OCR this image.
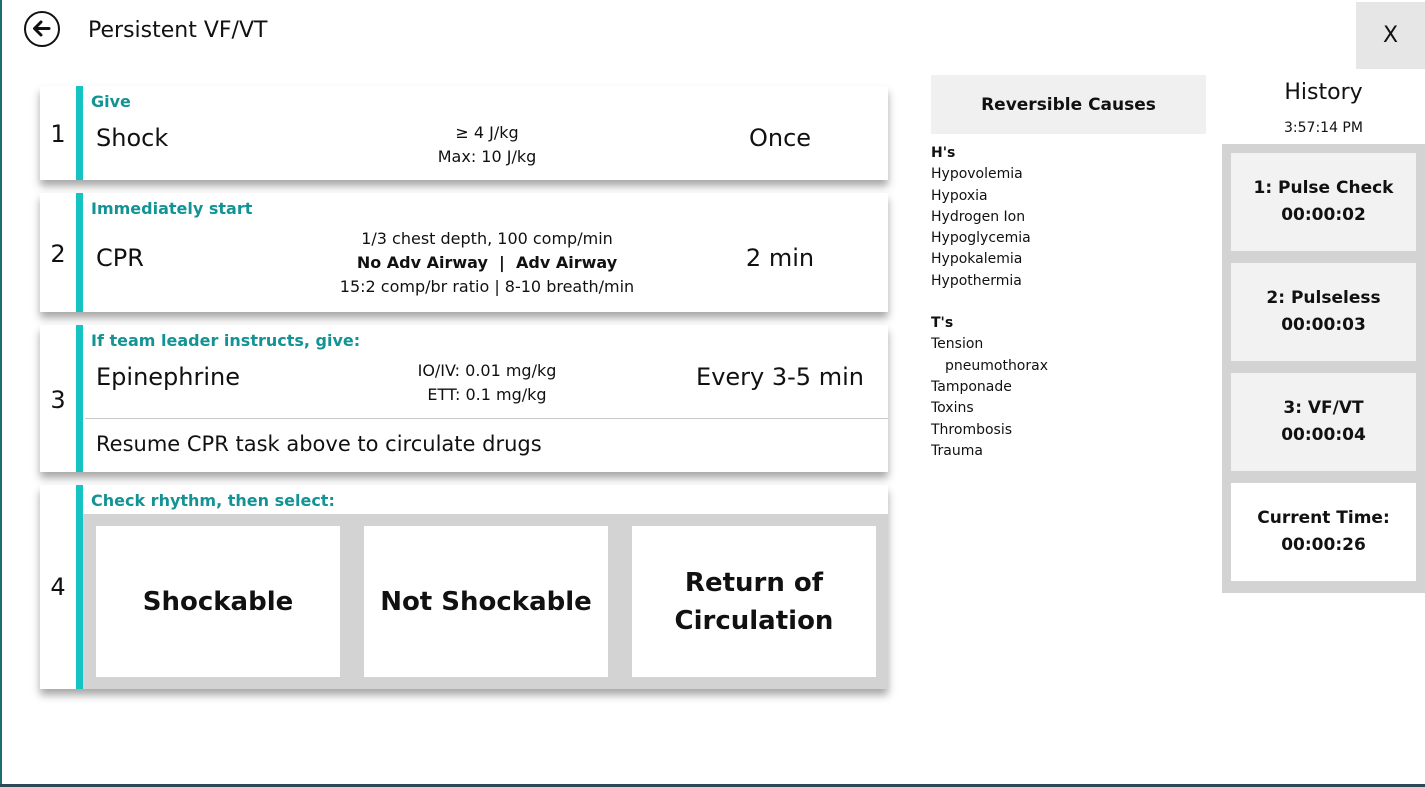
Persistent VF/VT	X
1
Give
Shock	≥ 4 J/kg
Max: 10 J/kg
Once
2
Immediately start
CPR
1/3 chest depth, 100 comp/min
No Adv Airway  |  Adv Airway
15:2 comp/br ratio | 8-10 breath/min
2 min
3
If team leader instructs, give:
Epinephrine	IO/IV: 0.01 mg/kg
ETT: 0.1 mg/kg
Every 3-5 min
Resume CPR task above to circulate drugs
4
Check rhythm, then select:
Shockable	Not Shockable
Return of Circulation
Reversible Causes
H's
Hypovolemia
Hypoxia
Hydrogen Ion
Hypoglycemia
Hypokalemia
Hypothermia
T's
Tension
pneumothorax
Tamponade
Toxins
Thrombosis
Trauma
History
3:57:14 PM
1: Pulse Check
00:00:02
2: Pulseless
00:00:03
3: VF/VT
00:00:04
Current Time:
00:00:26
